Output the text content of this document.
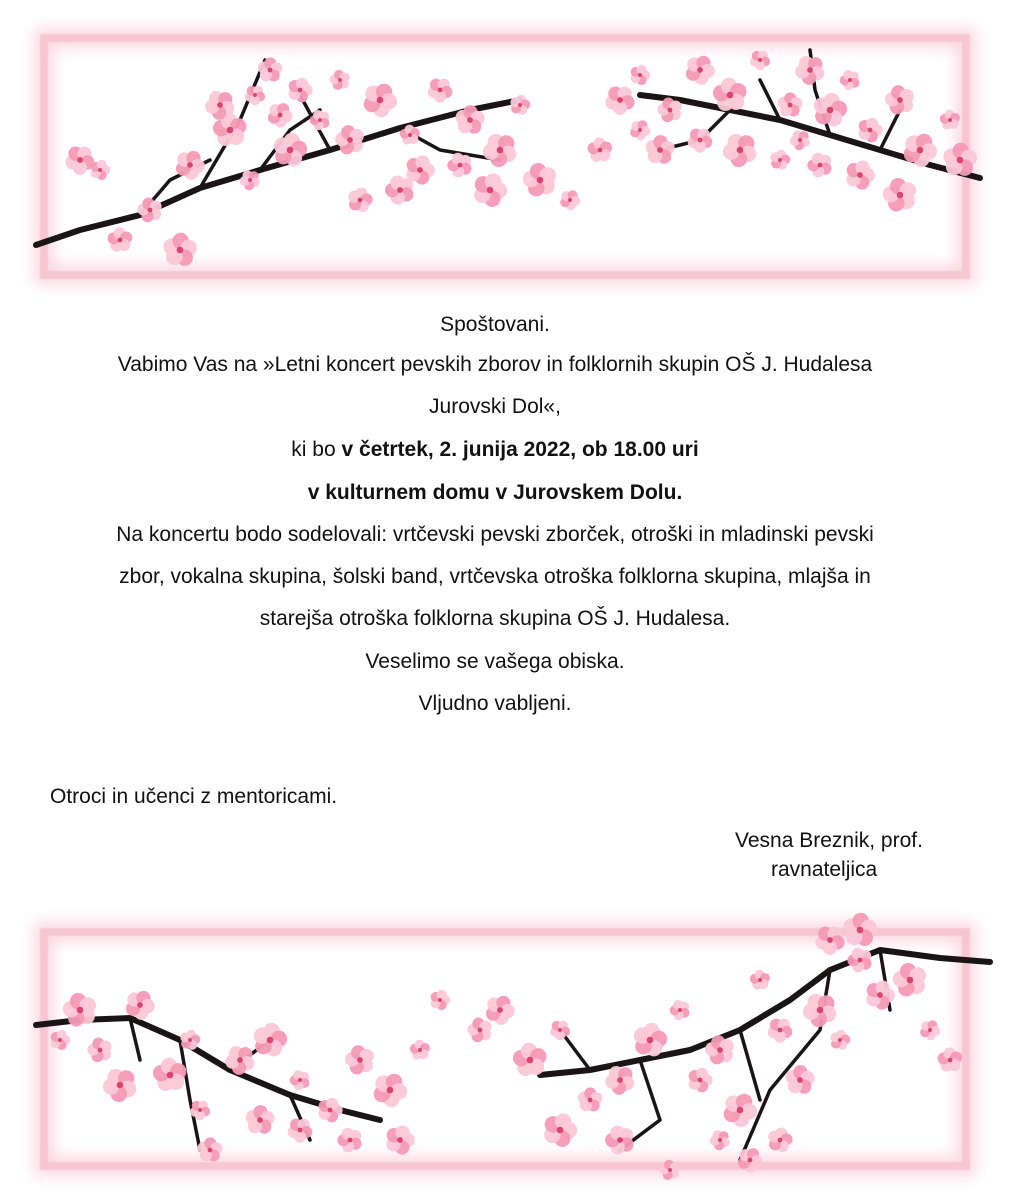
Spoštovani.
Vabimo Vas na »Letni koncert pevskih zborov in folklornih skupin OŠ J. Hudalesa
Jurovski Dol«,
ki bo v četrtek, 2. junija 2022, ob 18.00 uri
v kulturnem domu v Jurovskem Dolu.
Na koncertu bodo sodelovali: vrtčevski pevski zborček, otroški in mladinski pevski
zbor, vokalna skupina, šolski band, vrtčevska otroška folklorna skupina, mlajša in
starejša otroška folklorna skupina OŠ J. Hudalesa.
Veselimo se vašega obiska.
Vljudno vabljeni.
Otroci in učenci z mentoricami.
Vesna Breznik, prof.
ravnateljica
